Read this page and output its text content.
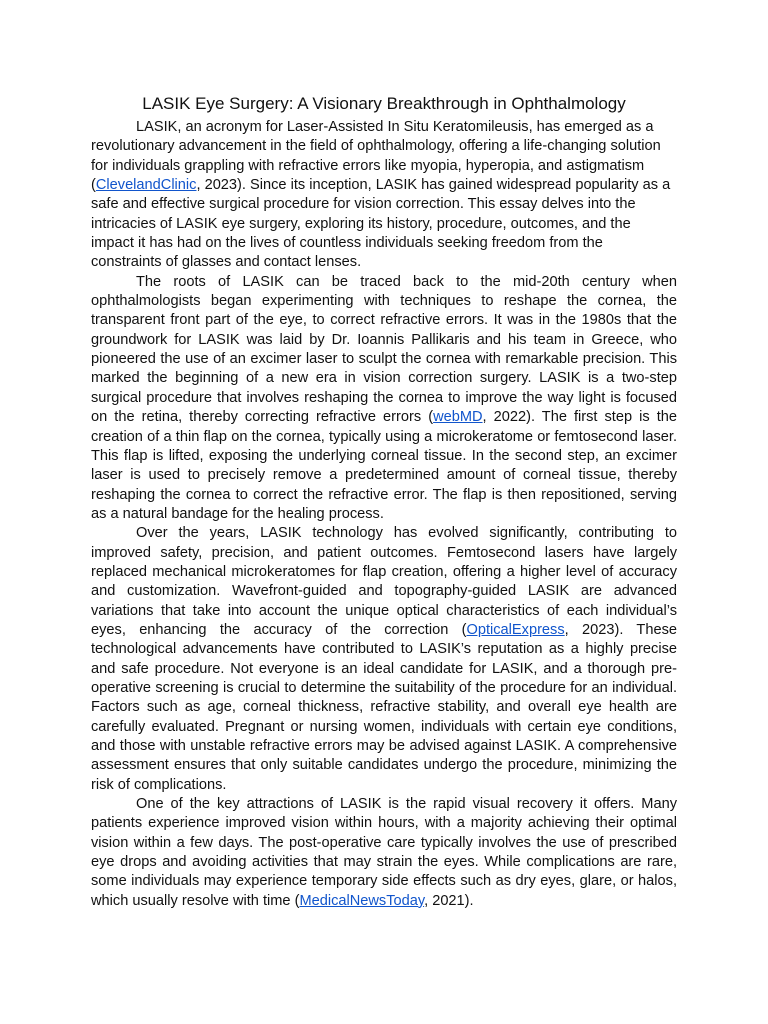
LASIK Eye Surgery: A Visionary Breakthrough in Ophthalmology

LASIK, an acronym for Laser-Assisted In Situ Keratomileusis, has emerged as a revolutionary advancement in the field of ophthalmology, offering a life-changing solution for individuals grappling with refractive errors like myopia, hyperopia, and astigmatism (ClevelandClinic, 2023). Since its inception, LASIK has gained widespread popularity as a safe and effective surgical procedure for vision correction. This essay delves into the intricacies of LASIK eye surgery, exploring its history, procedure, outcomes, and the impact it has had on the lives of countless individuals seeking freedom from the constraints of glasses and contact lenses.

The roots of LASIK can be traced back to the mid-20th century when ophthalmologists began experimenting with techniques to reshape the cornea, the transparent front part of the eye, to correct refractive errors. It was in the 1980s that the groundwork for LASIK was laid by Dr. Ioannis Pallikaris and his team in Greece, who pioneered the use of an excimer laser to sculpt the cornea with remarkable precision. This marked the beginning of a new era in vision correction surgery. LASIK is a two-step surgical procedure that involves reshaping the cornea to improve the way light is focused on the retina, thereby correcting refractive errors (webMD, 2022). The first step is the creation of a thin flap on the cornea, typically using a microkeratome or femtosecond laser. This flap is lifted, exposing the underlying corneal tissue. In the second step, an excimer laser is used to precisely remove a predetermined amount of corneal tissue, thereby reshaping the cornea to correct the refractive error. The flap is then repositioned, serving as a natural bandage for the healing process.

Over the years, LASIK technology has evolved significantly, contributing to improved safety, precision, and patient outcomes. Femtosecond lasers have largely replaced mechanical microkeratomes for flap creation, offering a higher level of accuracy and customization. Wavefront-guided and topography-guided LASIK are advanced variations that take into account the unique optical characteristics of each individual’s eyes, enhancing the accuracy of the correction (OpticalExpress, 2023). These technological advancements have contributed to LASIK’s reputation as a highly precise and safe procedure. Not everyone is an ideal candidate for LASIK, and a thorough pre-operative screening is crucial to determine the suitability of the procedure for an individual. Factors such as age, corneal thickness, refractive stability, and overall eye health are carefully evaluated. Pregnant or nursing women, individuals with certain eye conditions, and those with unstable refractive errors may be advised against LASIK. A comprehensive assessment ensures that only suitable candidates undergo the procedure, minimizing the risk of complications.

One of the key attractions of LASIK is the rapid visual recovery it offers. Many patients experience improved vision within hours, with a majority achieving their optimal vision within a few days. The post-operative care typically involves the use of prescribed eye drops and avoiding activities that may strain the eyes. While complications are rare, some individuals may experience temporary side effects such as dry eyes, glare, or halos, which usually resolve with time (MedicalNewsToday, 2021).
